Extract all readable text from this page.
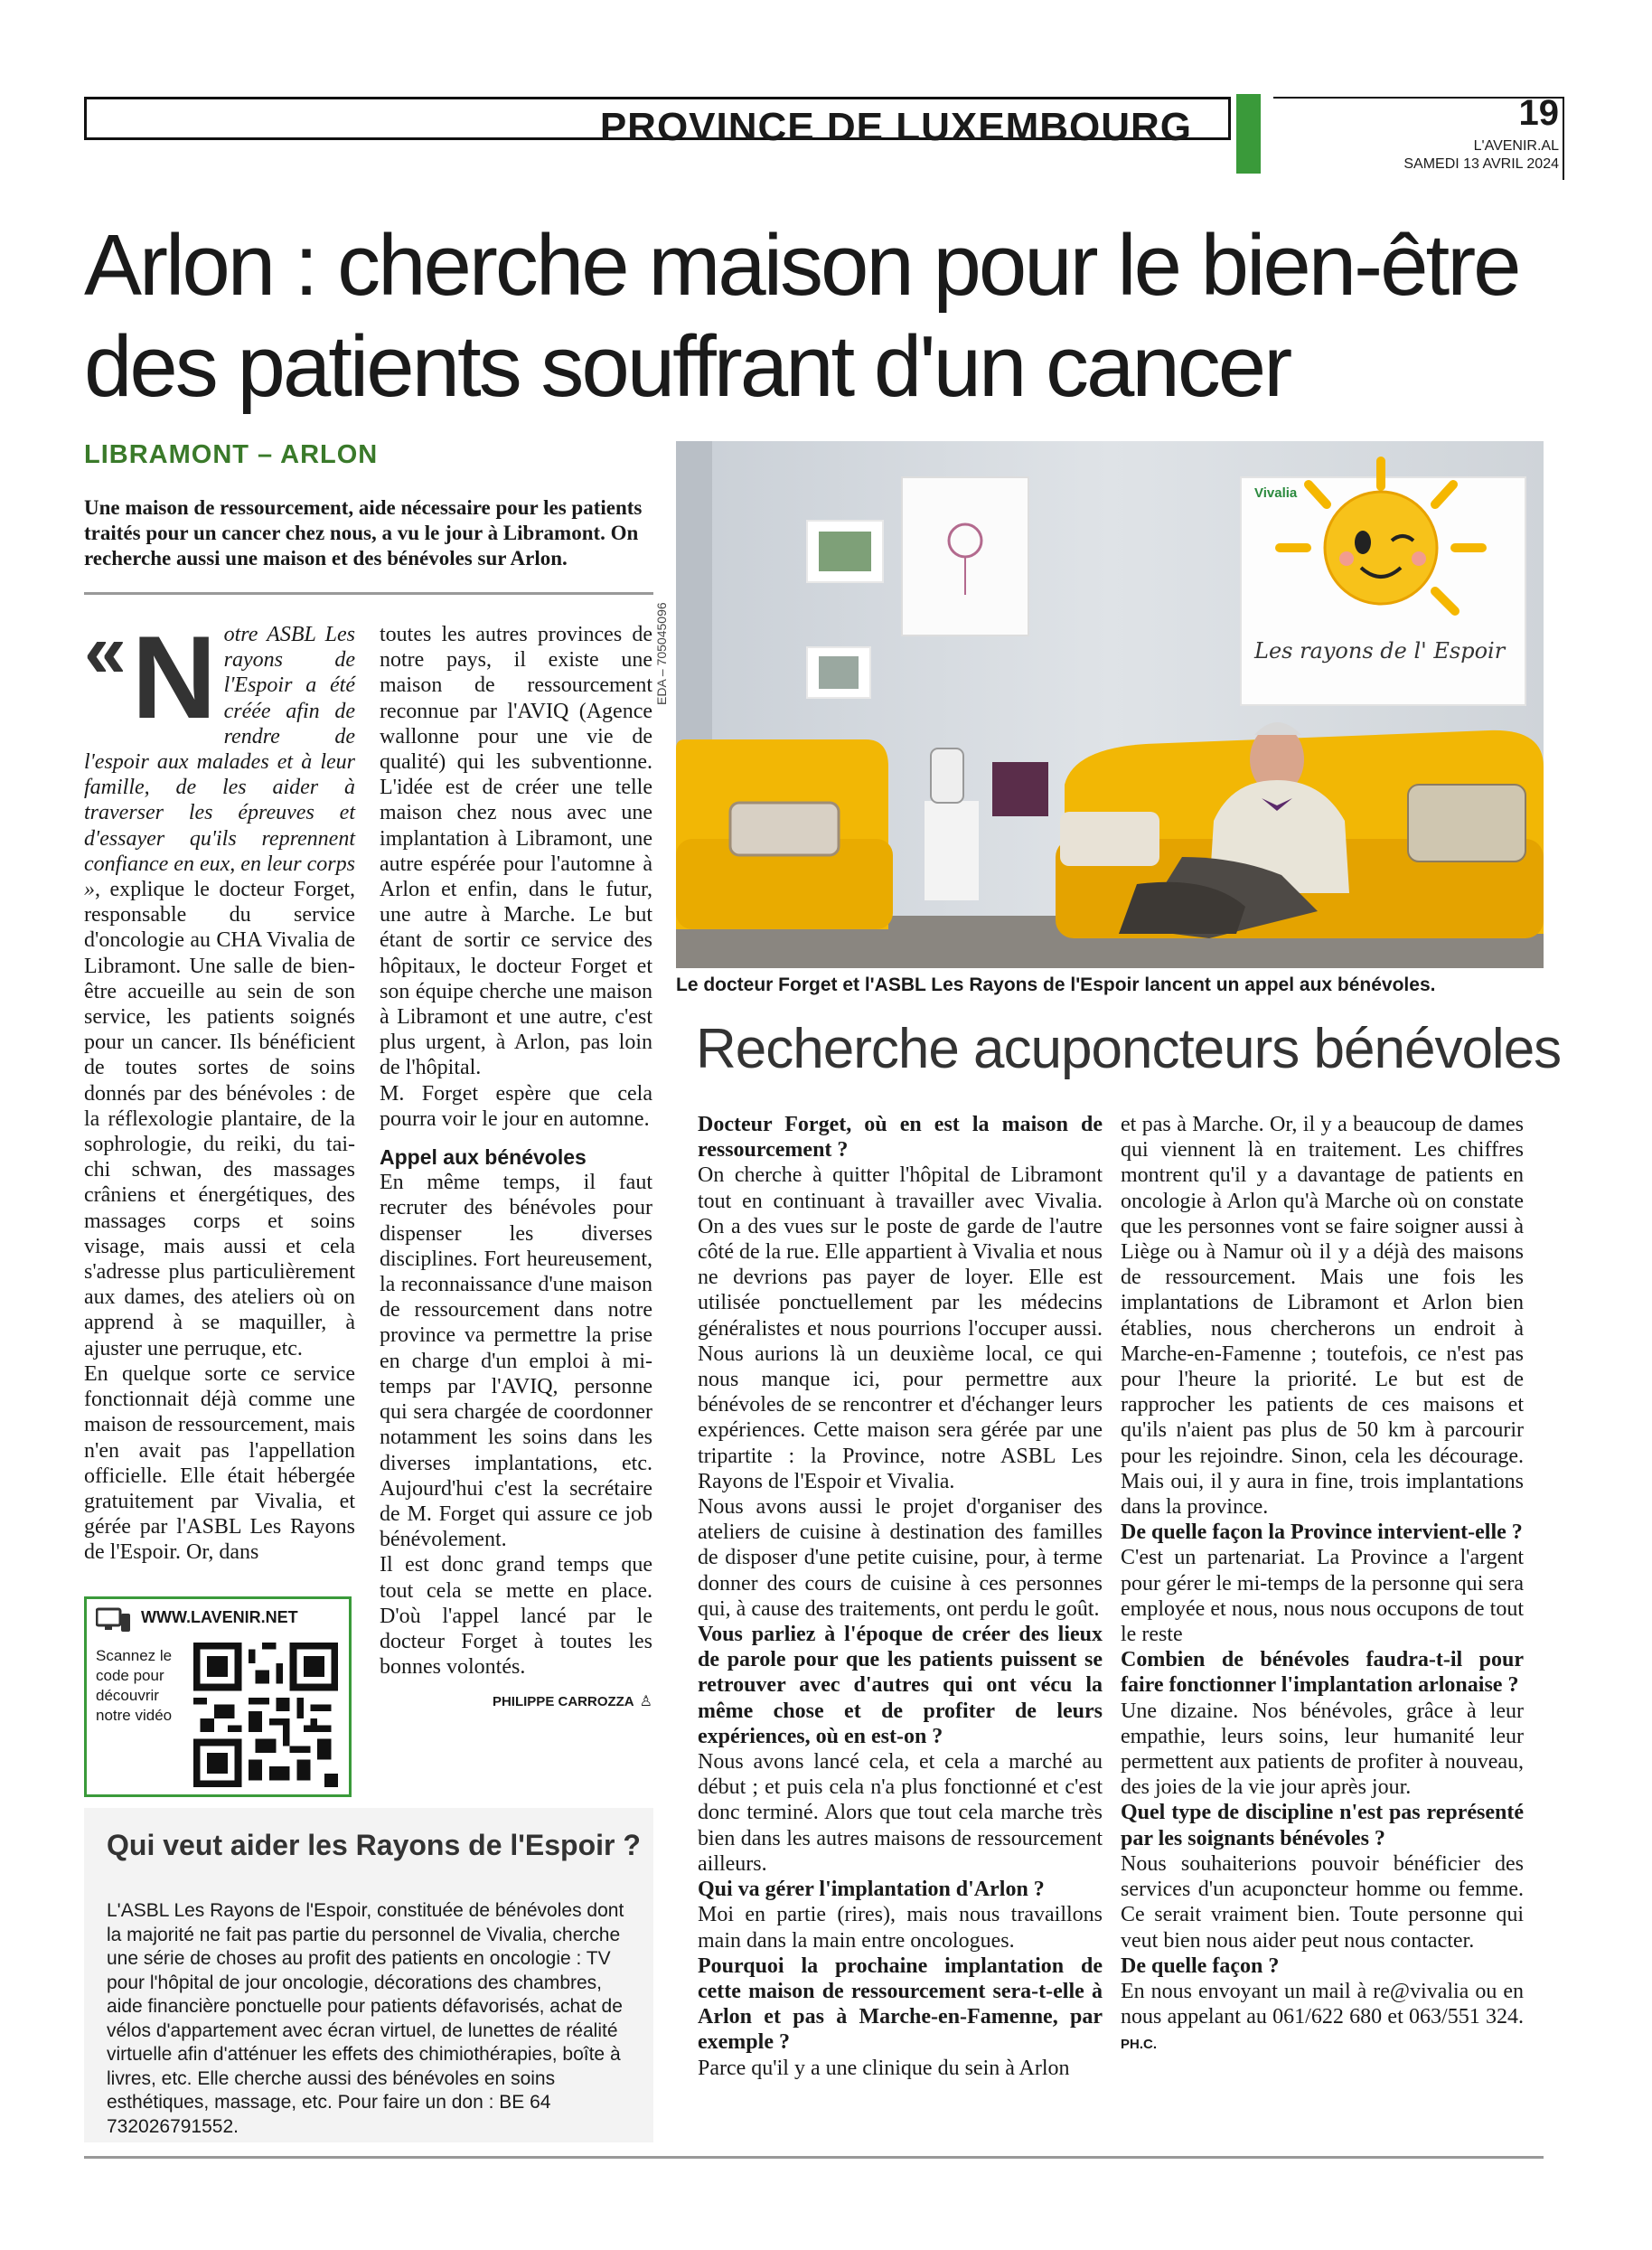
PROVINCE DE LUXEMBOURG	19
L'AVENIR.AL
SAMEDI 13 AVRIL 2024
Arlon : cherche maison pour le bien-être
des patients souffrant d'un cancer
LIBRAMONT – ARLON
Une maison de ressourcement, aide nécessaire pour les patients traités pour un cancer chez nous, a vu le jour à Libramont. On recherche aussi une maison et des bénévoles sur Arlon.

« N otre ASBL Les rayons de l'Espoir a été créée afin de rendre de l'espoir aux malades et à leur famille, de les aider à traverser les épreuves et d'essayer qu'ils reprennent confiance en eux, en leur corps », explique le docteur Forget, responsable du service d'oncologie au CHA Vivalia de Libramont. Une salle de bien-être accueille au sein de son service, les patients soignés pour un cancer. Ils bénéficient de toutes sortes de soins donnés par des bénévoles : de la réflexologie plantaire, de la sophrologie, du reiki, du tai-chi schwan, des massages crâniens et énergétiques, des massages corps et soins visage, mais aussi et cela s'adresse plus particulièrement aux dames, des ateliers où on apprend à se maquiller, à ajuster une perruque, etc.

En quelque sorte ce service fonctionnait déjà comme une maison de ressourcement, mais n'en avait pas l'appellation officielle. Elle était hébergée gratuitement par Vivalia, et gérée par l'ASBL Les Rayons de l'Espoir. Or, dans

toutes les autres provinces de notre pays, il existe une maison de ressourcement reconnue par l'AVIQ (Agence wallonne pour une vie de qualité) qui les subventionne. L'idée est de créer une telle maison chez nous avec une implantation à Libramont, une autre espérée pour l'automne à Arlon et enfin, dans le futur, une autre à Marche. Le but étant de sortir ce service des hôpitaux, le docteur Forget et son équipe cherche une maison à Libramont et une autre, c'est plus urgent, à Arlon, pas loin de l'hôpital.

M. Forget espère que cela pourra voir le jour en automne.

Appel aux bénévoles

En même temps, il faut recruter des bénévoles pour dispenser les diverses disciplines. Fort heureusement, la reconnaissance d'une maison de ressourcement dans notre province va permettre la prise en charge d'un emploi à mi-temps par l'AVIQ, personne qui sera chargée de coordonner notamment les soins dans les diverses implantations, etc. Aujourd'hui c'est la secrétaire de M. Forget qui assure ce job bénévolement.

Il est donc grand temps que tout cela se mette en place. D'où l'appel lancé par le docteur Forget à toutes les bonnes volontés.

PHILIPPE CARROZZA ♙

WWW.LAVENIR.NET
Scannez le code pour découvrir notre vidéo
Vivalia
Les rayons de l' Espoir
EDA – 705045096
Le docteur Forget et l'ASBL Les Rayons de l'Espoir lancent un appel aux bénévoles.
Recherche acuponcteurs bénévoles

Docteur Forget, où en est la maison de ressourcement ?

On cherche à quitter l'hôpital de Libramont tout en continuant à travailler avec Vivalia. On a des vues sur le poste de garde de l'autre côté de la rue. Elle appartient à Vivalia et nous ne devrions pas payer de loyer. Elle est utilisée ponctuellement par les médecins généralistes et nous pourrions l'occuper aussi. Nous aurions là un deuxième local, ce qui nous manque ici, pour permettre aux bénévoles de se rencontrer et d'échanger leurs expériences. Cette maison sera gérée par une tripartite : la Province, notre ASBL Les Rayons de l'Espoir et Vivalia.

Nous avons aussi le projet d'organiser des ateliers de cuisine à destination des familles de disposer d'une petite cuisine, pour, à terme donner des cours de cuisine à ces personnes qui, à cause des traitements, ont perdu le goût.

Vous parliez à l'époque de créer des lieux de parole pour que les patients puissent se retrouver avec d'autres qui ont vécu la même chose et de profiter de leurs expériences, où en est-on ?

Nous avons lancé cela, et cela a marché au début ; et puis cela n'a plus fonctionné et c'est donc terminé. Alors que tout cela marche très bien dans les autres maisons de ressourcement ailleurs.

Qui va gérer l'implantation d'Arlon ?

Moi en partie (rires), mais nous travaillons main dans la main entre oncologues.

Pourquoi la prochaine implantation de cette maison de ressourcement sera-t-elle à Arlon et pas à Marche-en-Famenne, par exemple ?

Parce qu'il y a une clinique du sein à Arlon

et pas à Marche. Or, il y a beaucoup de dames qui viennent là en traitement. Les chiffres montrent qu'il y a davantage de patients en oncologie à Arlon qu'à Marche où on constate que les personnes vont se faire soigner aussi à Liège ou à Namur où il y a déjà des maisons de ressourcement. Mais une fois les implantations de Libramont et Arlon bien établies, nous chercherons un endroit à Marche-en-Famenne ; toutefois, ce n'est pas pour l'heure la priorité. Le but est de rapprocher les patients de ces maisons et qu'ils n'aient pas plus de 50 km à parcourir pour les rejoindre. Sinon, cela les décourage. Mais oui, il y aura in fine, trois implantations dans la province.

De quelle façon la Province intervient-elle ?

C'est un partenariat. La Province a l'argent pour gérer le mi-temps de la personne qui sera employée et nous, nous nous occupons de tout le reste

Combien de bénévoles faudra-t-il pour faire fonctionner l'implantation arlonaise ?

Une dizaine. Nos bénévoles, grâce à leur empathie, leurs soins, leur humanité leur permettent aux patients de profiter à nouveau, des joies de la vie jour après jour.

Quel type de discipline n'est pas représenté par les soignants bénévoles ?

Nous souhaiterions pouvoir bénéficier des services d'un acuponcteur homme ou femme. Ce serait vraiment bien. Toute personne qui veut bien nous aider peut nous contacter.

De quelle façon ?

En nous envoyant un mail à re@vivalia ou en nous appelant au 061/622 680 et 063/551 324. PH.C.

Qui veut aider les Rayons de l'Espoir ?
L'ASBL Les Rayons de l'Espoir, constituée de bénévoles dont la majorité ne fait pas partie du personnel de Vivalia, cherche une série de choses au profit des patients en oncologie : TV pour l'hôpital de jour oncologie, décorations des chambres, aide financière ponctuelle pour patients défavorisés, achat de vélos d'appartement avec écran virtuel, de lunettes de réalité virtuelle afin d'atténuer les effets des chimiothérapies, boîte à livres, etc. Elle cherche aussi des bénévoles en soins esthétiques, massage, etc. Pour faire un don : BE 64 732026791552.
